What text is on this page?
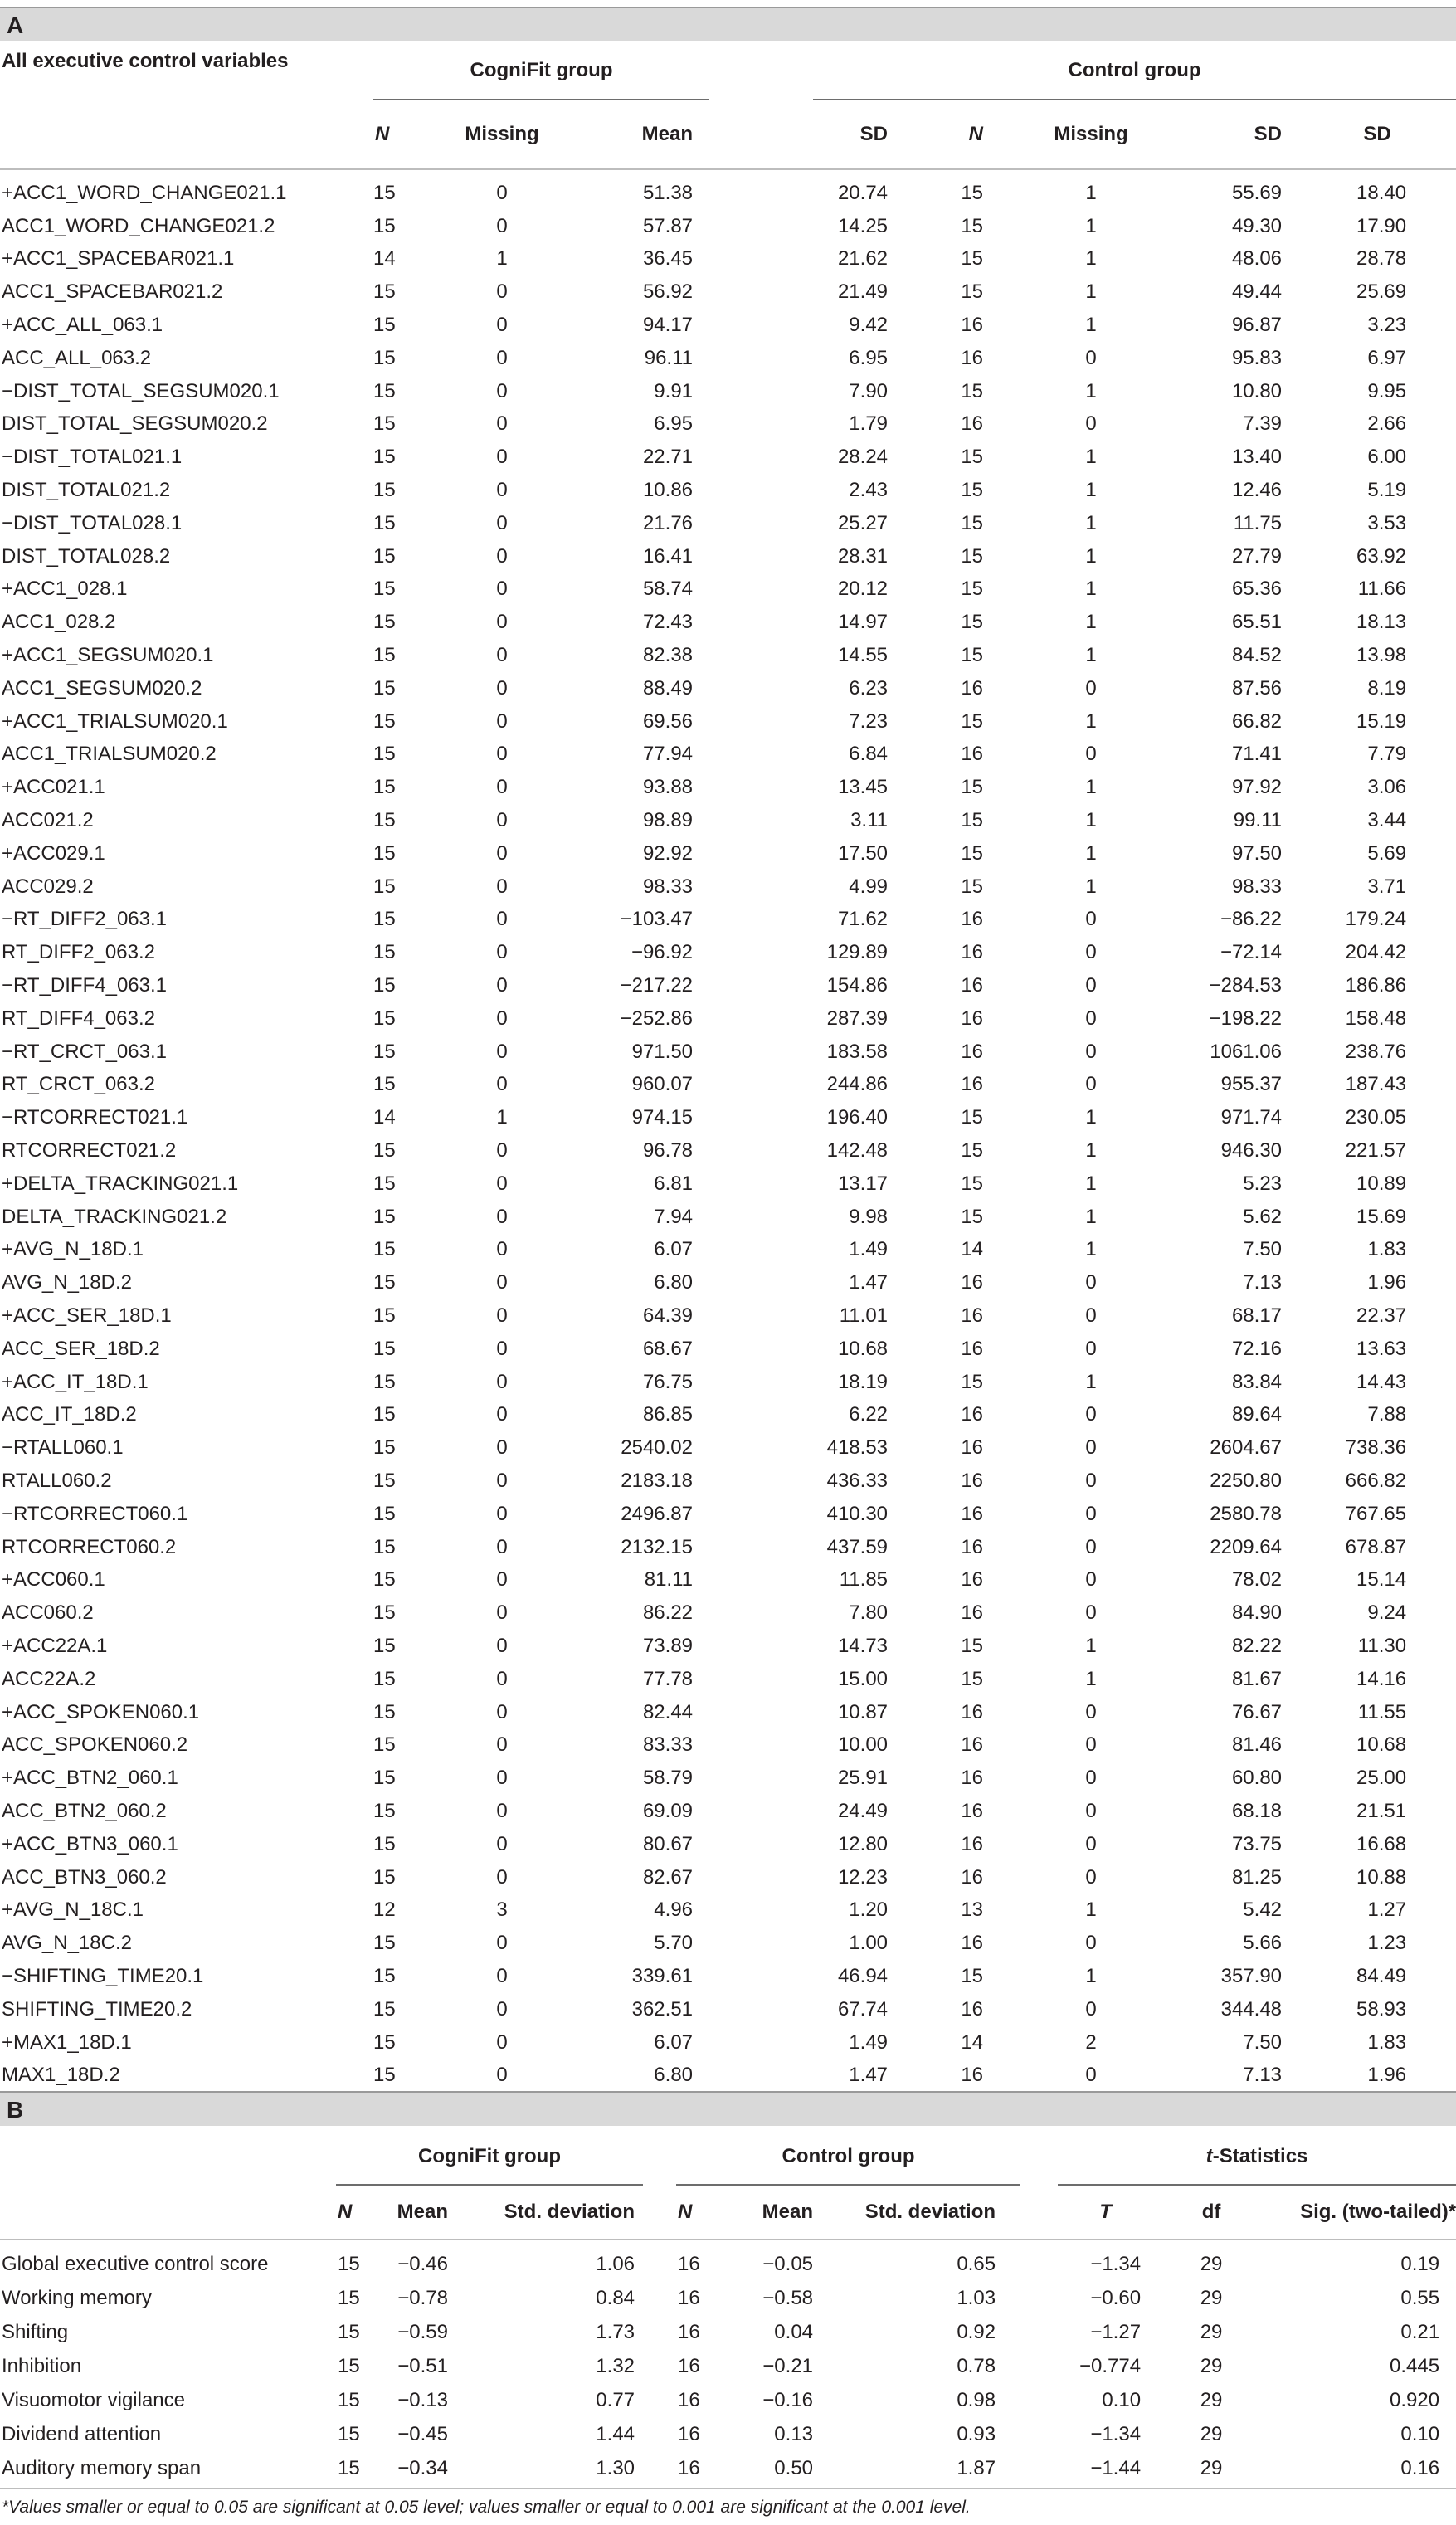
A
All executive control variables	CogniFit group				Control group				
	N	Missing	Mean		SD	N	Missing	SD	SD
+ACC1_WORD_CHANGE021.1	15	0	51.38		20.74	15	1	55.69	18.40
ACC1_WORD_CHANGE021.2	15	0	57.87		14.25	15	1	49.30	17.90
+ACC1_SPACEBAR021.1	14	1	36.45		21.62	15	1	48.06	28.78
ACC1_SPACEBAR021.2	15	0	56.92		21.49	15	1	49.44	25.69
+ACC_ALL_063.1	15	0	94.17		9.42	16	1	96.87	3.23
ACC_ALL_063.2	15	0	96.11		6.95	16	0	95.83	6.97
−DIST_TOTAL_SEGSUM020.1	15	0	9.91		7.90	15	1	10.80	9.95
DIST_TOTAL_SEGSUM020.2	15	0	6.95		1.79	16	0	7.39	2.66
−DIST_TOTAL021.1	15	0	22.71		28.24	15	1	13.40	6.00
DIST_TOTAL021.2	15	0	10.86		2.43	15	1	12.46	5.19
−DIST_TOTAL028.1	15	0	21.76		25.27	15	1	11.75	3.53
DIST_TOTAL028.2	15	0	16.41		28.31	15	1	27.79	63.92
+ACC1_028.1	15	0	58.74		20.12	15	1	65.36	11.66
ACC1_028.2	15	0	72.43		14.97	15	1	65.51	18.13
+ACC1_SEGSUM020.1	15	0	82.38		14.55	15	1	84.52	13.98
ACC1_SEGSUM020.2	15	0	88.49		6.23	16	0	87.56	8.19
+ACC1_TRIALSUM020.1	15	0	69.56		7.23	15	1	66.82	15.19
ACC1_TRIALSUM020.2	15	0	77.94		6.84	16	0	71.41	7.79
+ACC021.1	15	0	93.88		13.45	15	1	97.92	3.06
ACC021.2	15	0	98.89		3.11	15	1	99.11	3.44
+ACC029.1	15	0	92.92		17.50	15	1	97.50	5.69
ACC029.2	15	0	98.33		4.99	15	1	98.33	3.71
−RT_DIFF2_063.1	15	0	−103.47		71.62	16	0	−86.22	179.24
RT_DIFF2_063.2	15	0	−96.92		129.89	16	0	−72.14	204.42
−RT_DIFF4_063.1	15	0	−217.22		154.86	16	0	−284.53	186.86
RT_DIFF4_063.2	15	0	−252.86		287.39	16	0	−198.22	158.48
−RT_CRCT_063.1	15	0	971.50		183.58	16	0	1061.06	238.76
RT_CRCT_063.2	15	0	960.07		244.86	16	0	955.37	187.43
−RTCORRECT021.1	14	1	974.15		196.40	15	1	971.74	230.05
RTCORRECT021.2	15	0	96.78		142.48	15	1	946.30	221.57
+DELTA_TRACKING021.1	15	0	6.81		13.17	15	1	5.23	10.89
DELTA_TRACKING021.2	15	0	7.94		9.98	15	1	5.62	15.69
+AVG_N_18D.1	15	0	6.07		1.49	14	1	7.50	1.83
AVG_N_18D.2	15	0	6.80		1.47	16	0	7.13	1.96
+ACC_SER_18D.1	15	0	64.39		11.01	16	0	68.17	22.37
ACC_SER_18D.2	15	0	68.67		10.68	16	0	72.16	13.63
+ACC_IT_18D.1	15	0	76.75		18.19	15	1	83.84	14.43
ACC_IT_18D.2	15	0	86.85		6.22	16	0	89.64	7.88
−RTALL060.1	15	0	2540.02		418.53	16	0	2604.67	738.36
RTALL060.2	15	0	2183.18		436.33	16	0	2250.80	666.82
−RTCORRECT060.1	15	0	2496.87		410.30	16	0	2580.78	767.65
RTCORRECT060.2	15	0	2132.15		437.59	16	0	2209.64	678.87
+ACC060.1	15	0	81.11		11.85	16	0	78.02	15.14
ACC060.2	15	0	86.22		7.80	16	0	84.90	9.24
+ACC22A.1	15	0	73.89		14.73	15	1	82.22	11.30
ACC22A.2	15	0	77.78		15.00	15	1	81.67	14.16
+ACC_SPOKEN060.1	15	0	82.44		10.87	16	0	76.67	11.55
ACC_SPOKEN060.2	15	0	83.33		10.00	16	0	81.46	10.68
+ACC_BTN2_060.1	15	0	58.79		25.91	16	0	60.80	25.00
ACC_BTN2_060.2	15	0	69.09		24.49	16	0	68.18	21.51
+ACC_BTN3_060.1	15	0	80.67		12.80	16	0	73.75	16.68
ACC_BTN3_060.2	15	0	82.67		12.23	16	0	81.25	10.88
+AVG_N_18C.1	12	3	4.96		1.20	13	1	5.42	1.27
AVG_N_18C.2	15	0	5.70		1.00	16	0	5.66	1.23
−SHIFTING_TIME20.1	15	0	339.61		46.94	15	1	357.90	84.49
SHIFTING_TIME20.2	15	0	362.51		67.74	16	0	344.48	58.93
+MAX1_18D.1	15	0	6.07		1.49	14	2	7.50	1.83
MAX1_18D.2	15	0	6.80		1.47	16	0	7.13	1.96
B
	CogniFit group				Control group				t-Statistics		
	N	Mean	Std. deviation		N	Mean	Std. deviation		T	df	Sig. (two-tailed)*
Global executive control score	15	−0.46	1.06		16	−0.05	0.65		−1.34	29	0.19
Working memory	15	−0.78	0.84		16	−0.58	1.03		−0.60	29	0.55
Shifting	15	−0.59	1.73		16	0.04	0.92		−1.27	29	0.21
Inhibition	15	−0.51	1.32		16	−0.21	0.78		−0.774	29	0.445
Visuomotor vigilance	15	−0.13	0.77		16	−0.16	0.98		0.10	29	0.920
Dividend attention	15	−0.45	1.44		16	0.13	0.93		−1.34	29	0.10
Auditory memory span	15	−0.34	1.30		16	0.50	1.87		−1.44	29	0.16
*Values smaller or equal to 0.05 are significant at 0.05 level; values smaller or equal to 0.001 are significant at the 0.001 level.
